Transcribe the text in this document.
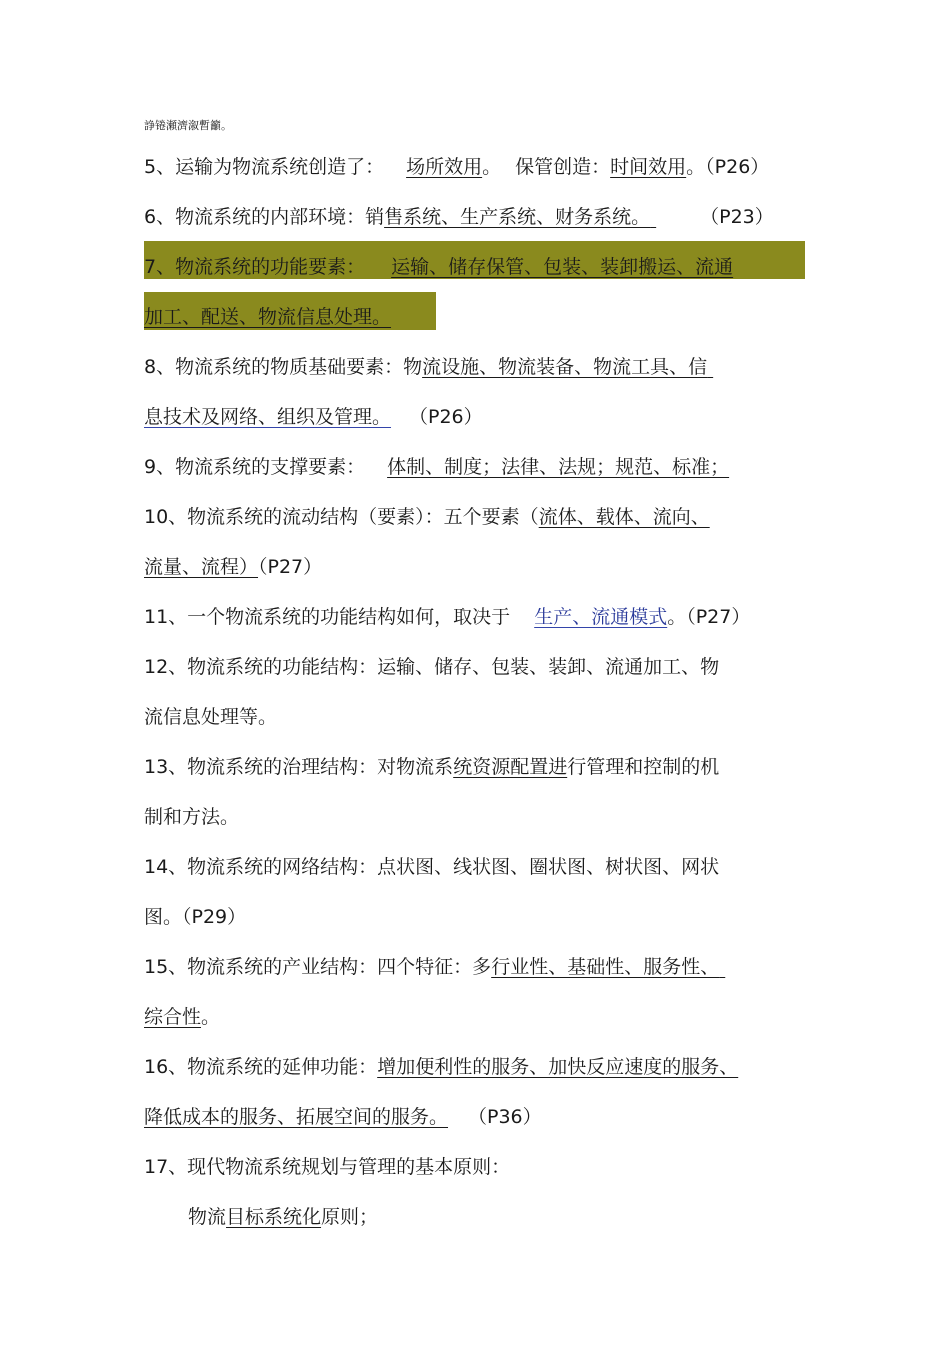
諍锩瀬濟溆暫籲。
5、运输为物流系统创造了： 场所效用。 保管创造：时间效用。（P26）
6、物流系统的内部环境：销售系统、生产系统、财务系统。	（P23）
7、物流系统的功能要素： 运输、储存保管、包装、装卸搬运、流通
加工、配送、物流信息处理。
8、物流系统的物质基础要素：物流设施、物流装备、物流工具、信
息技术及网络、组织及管理。 （P26）
9、物流系统的支撑要素： 体制、制度；法律、法规；规范、标准；
10、物流系统的流动结构（要素）：五个要素（流体、载体、流向、
流量、流程）（P27）
11、一个物流系统的功能结构如何，取决于 生产、流通模式。（P27）
12、物流系统的功能结构：运输、储存、包装、装卸、流通加工、物
流信息处理等。
13、物流系统的治理结构：对物流系统资源配置进行管理和控制的机
制和方法。
14、物流系统的网络结构：点状图、线状图、圈状图、树状图、网状
图。（P29）
15、物流系统的产业结构：四个特征：多行业性、基础性、服务性、
综合性。
16、物流系统的延伸功能：增加便利性的服务、加快反应速度的服务、
降低成本的服务、拓展空间的服务。 （P36）
17、现代物流系统规划与管理的基本原则：
物流目标系统化原则；
